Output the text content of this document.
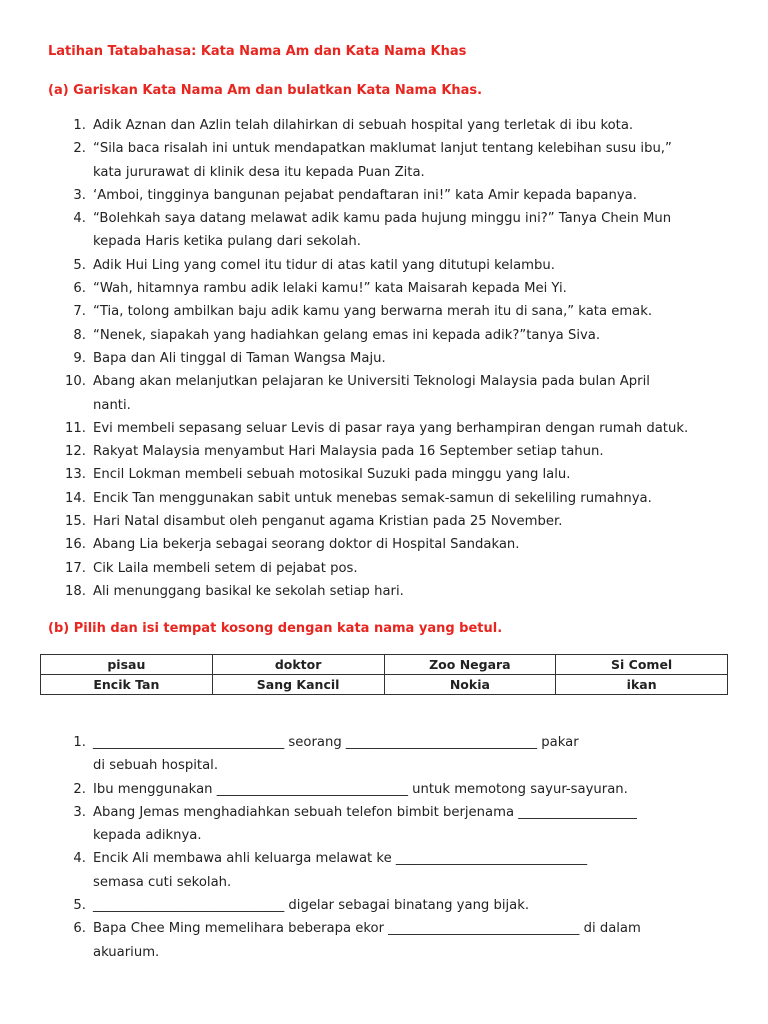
Latihan Tatabahasa: Kata Nama Am dan Kata Nama Khas
(a) Gariskan Kata Nama Am dan bulatkan Kata Nama Khas.
1. Adik Aznan dan Azlin telah dilahirkan di sebuah hospital yang terletak di ibu kota.
2. “Sila baca risalah ini untuk mendapatkan maklumat lanjut tentang kelebihan susu ibu,”
kata jururawat di klinik desa itu kepada Puan Zita.
3. ‘Amboi, tingginya bangunan pejabat pendaftaran ini!” kata Amir kepada bapanya.
4. “Bolehkah saya datang melawat adik kamu pada hujung minggu ini?” Tanya Chein Mun
kepada Haris ketika pulang dari sekolah.
5. Adik Hui Ling yang comel itu tidur di atas katil yang ditutupi kelambu.
6. “Wah, hitamnya rambu adik lelaki kamu!” kata Maisarah kepada Mei Yi.
7. “Tia, tolong ambilkan baju adik kamu yang berwarna merah itu di sana,” kata emak.
8. “Nenek, siapakah yang hadiahkan gelang emas ini kepada adik?”tanya Siva.
9. Bapa dan Ali tinggal di Taman Wangsa Maju.
10. Abang akan melanjutkan pelajaran ke Universiti Teknologi Malaysia pada bulan April
nanti.
11. Evi membeli sepasang seluar Levis di pasar raya yang berhampiran dengan rumah datuk.
12. Rakyat Malaysia menyambut Hari Malaysia pada 16 September setiap tahun.
13. Encil Lokman membeli sebuah motosikal Suzuki pada minggu yang lalu.
14. Encik Tan menggunakan sabit untuk menebas semak-samun di sekeliling rumahnya.
15. Hari Natal disambut oleh penganut agama Kristian pada 25 November.
16. Abang Lia bekerja sebagai seorang doktor di Hospital Sandakan.
17. Cik Laila membeli setem di pejabat pos.
18. Ali menunggang basikal ke sekolah setiap hari.
(b) Pilih dan isi tempat kosong dengan kata nama yang betul.
pisau	doktor	Zoo Negara	Si Comel
Encik Tan	Sang Kancil	Nokia	ikan
1. _____________________________ seorang _____________________________ pakar
di sebuah hospital.
2. Ibu menggunakan _____________________________ untuk memotong sayur-sayuran.
3. Abang Jemas menghadiahkan sebuah telefon bimbit berjenama __________________
kepada adiknya.
4. Encik Ali membawa ahli keluarga melawat ke _____________________________
semasa cuti sekolah.
5. _____________________________ digelar sebagai binatang yang bijak.
6. Bapa Chee Ming memelihara beberapa ekor _____________________________ di dalam
akuarium.
